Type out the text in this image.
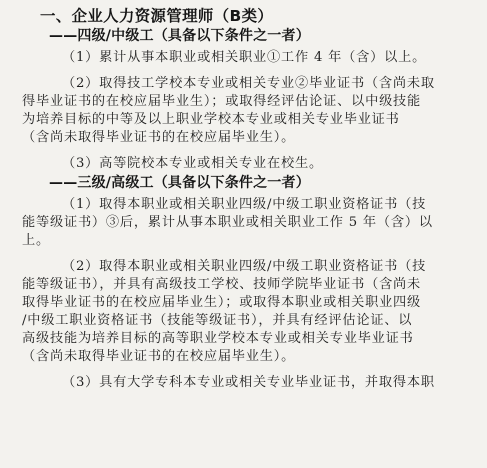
一、企业人力资源管理师（B类）
——四级/中级工（具备以下条件之一者）
（1）累计从事本职业或相关职业①工作 4 年（含）以上。
（2）取得技工学校本专业或相关专业②毕业证书（含尚未取
得毕业证书的在校应届毕业生）；或取得经评估论证、以中级技能
为培养目标的中等及以上职业学校本专业或相关专业毕业证书
（含尚未取得毕业证书的在校应届毕业生）。
（3）高等院校本专业或相关专业在校生。
——三级/高级工（具备以下条件之一者）
（1）取得本职业或相关职业四级/中级工职业资格证书（技
能等级证书）③后，累计从事本职业或相关职业工作 5 年（含）以
上。
（2）取得本职业或相关职业四级/中级工职业资格证书（技
能等级证书），并具有高级技工学校、技师学院毕业证书（含尚未
取得毕业证书的在校应届毕业生）；或取得本职业或相关职业四级
/中级工职业资格证书（技能等级证书），并具有经评估论证、以
高级技能为培养目标的高等职业学校本专业或相关专业毕业证书
（含尚未取得毕业证书的在校应届毕业生）。
（3）具有大学专科本专业或相关专业毕业证书，并取得本职
